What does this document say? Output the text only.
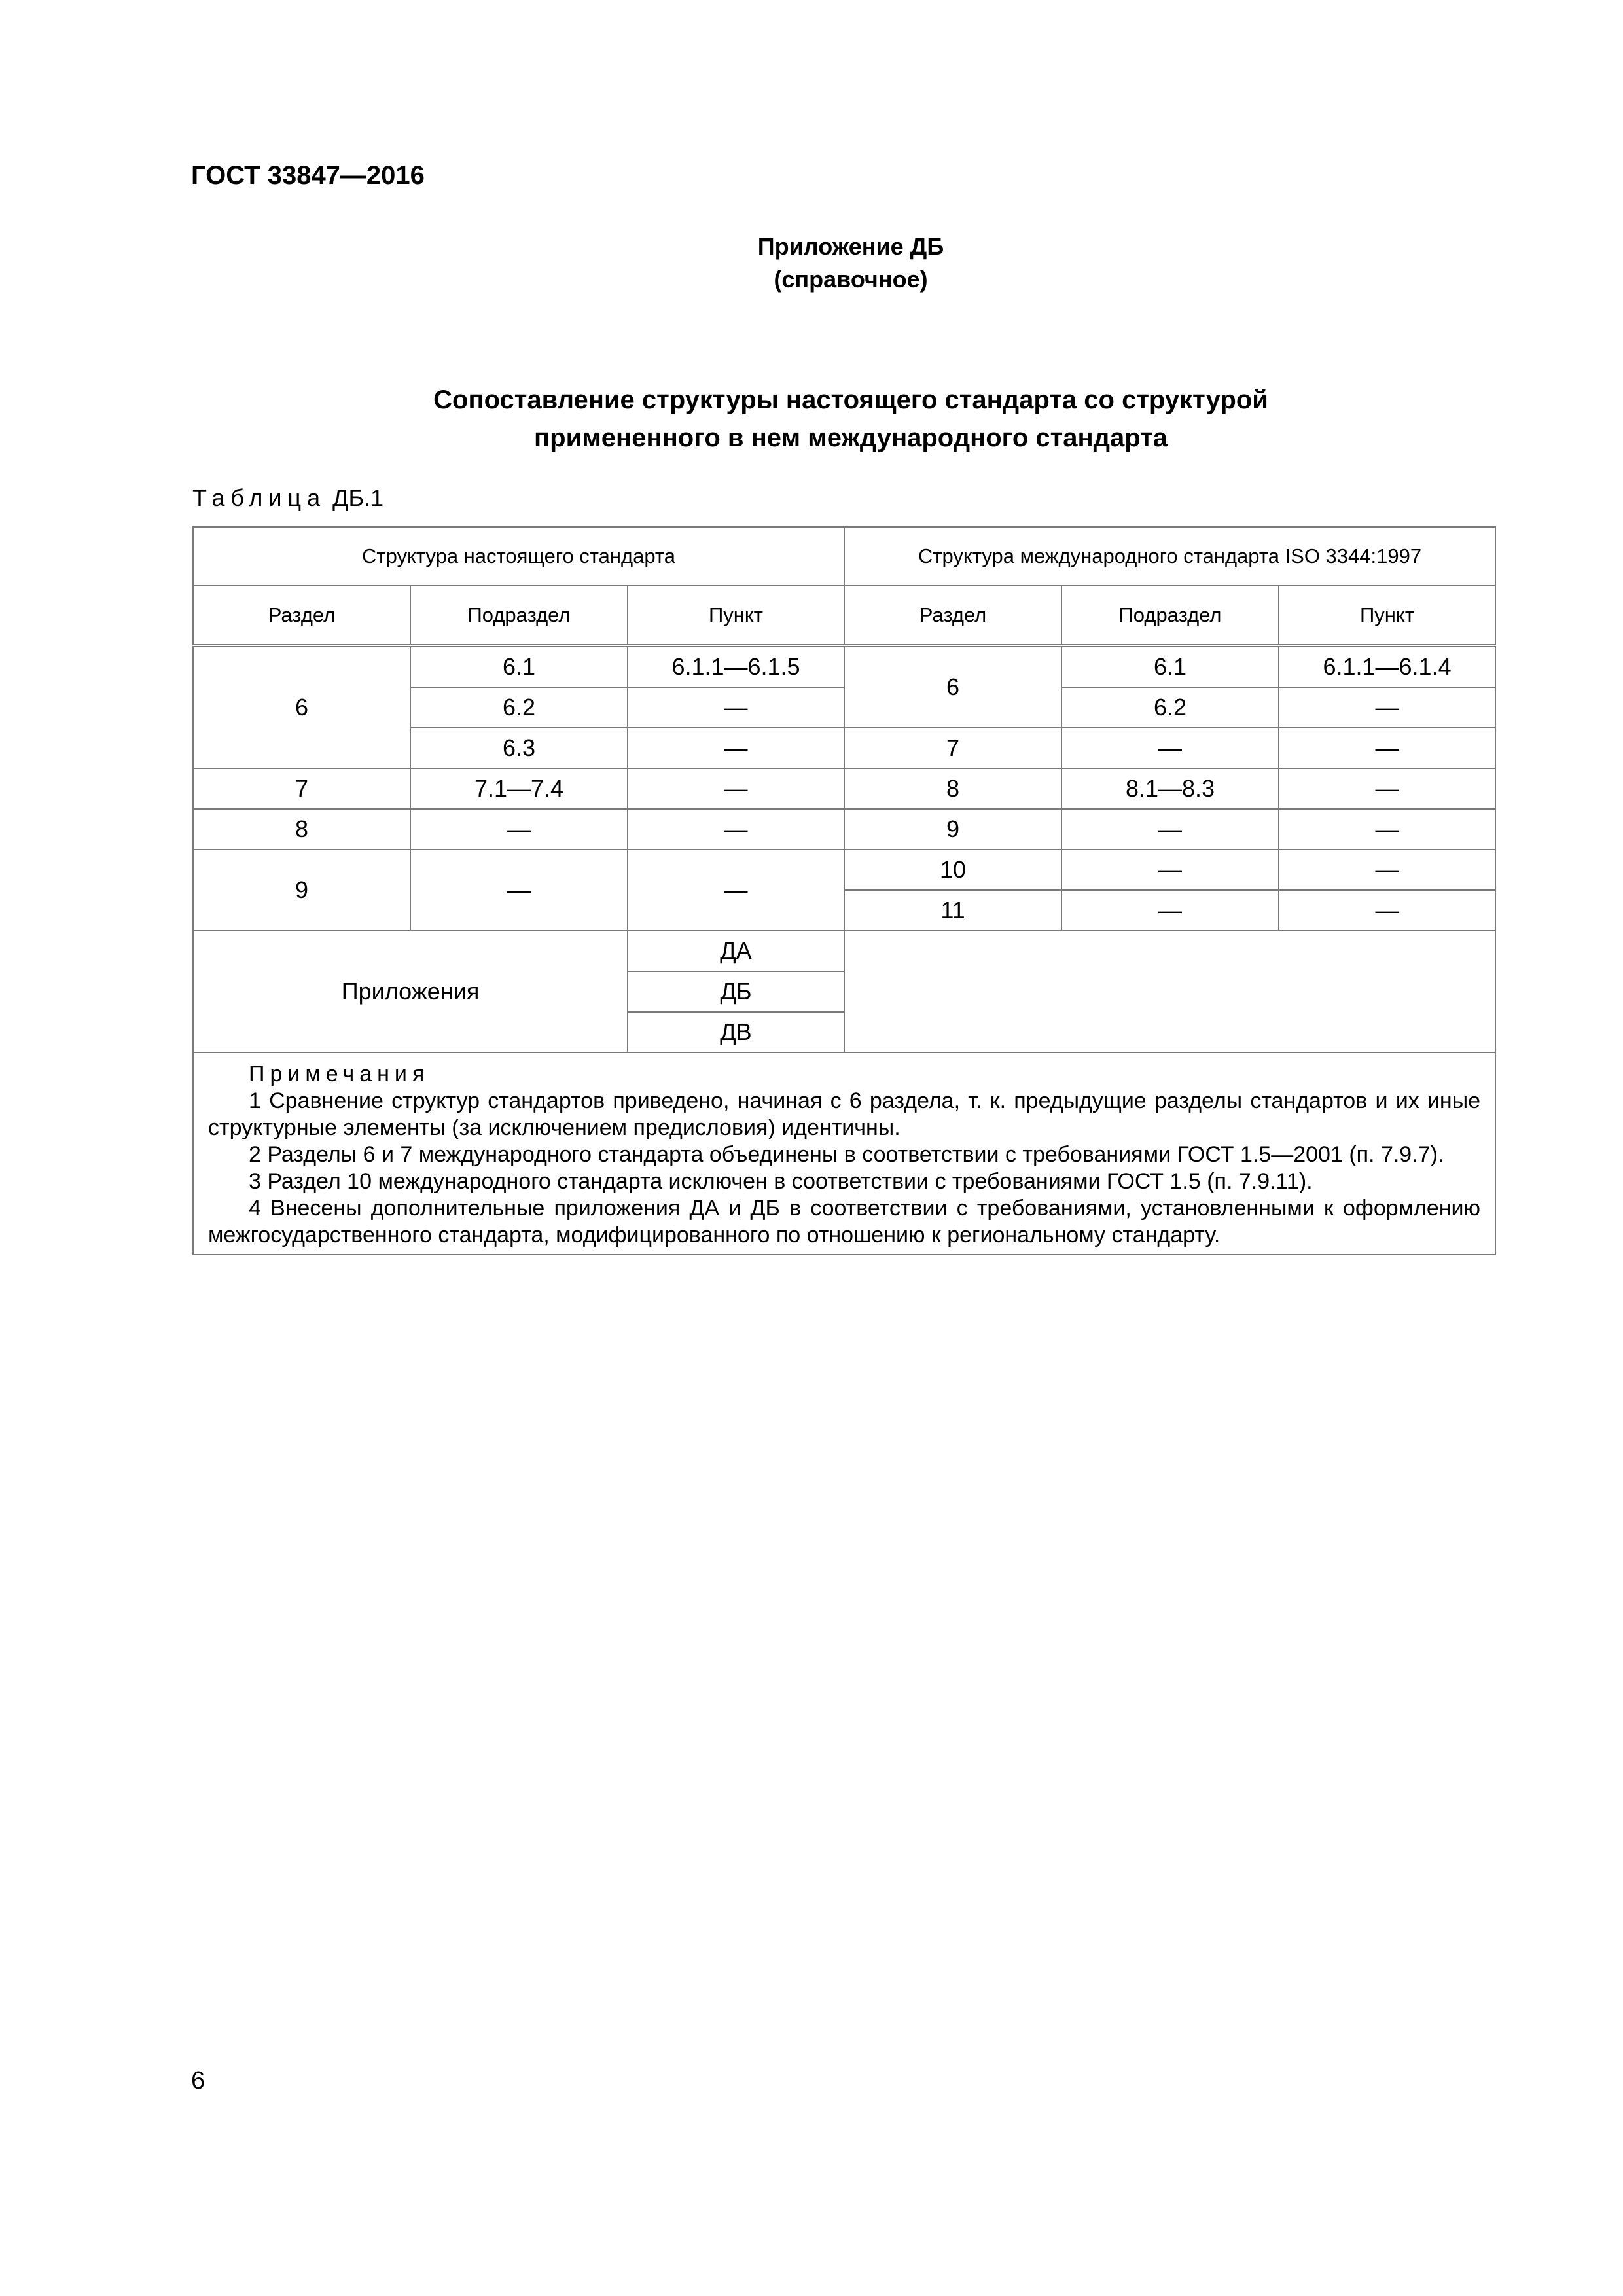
ГОСТ 33847—2016
Приложение ДБ
(справочное)
Сопоставление структуры настоящего стандарта со структурой
примененного в нем международного стандарта
Таблица ДБ.1
Структура настоящего стандарта			Структура международного стандарта ISO 3344:1997		
Раздел	Подраздел	Пункт	Раздел	Подраздел	Пункт
6	6.1	6.1.1—6.1.5	6	6.1	6.1.1—6.1.4
	6.2	—		6.2	—
	6.3	—	7	—	—
7	7.1—7.4	—	8	8.1—8.3	—
8	—	—	9	—	—
9	—	—	10	—	—
			11	—	—
Приложения		ДА			
		ДБ			
		ДВ			

Примечания

1 Сравнение структур стандартов приведено, начиная с 6 раздела, т. к. предыдущие разделы стандартов и их иные структурные элементы (за исключением предисловия) идентичны.

2 Разделы 6 и 7 международного стандарта объединены в соответствии с требованиями ГОСТ 1.5—2001 (п. 7.9.7).

3 Раздел 10 международного стандарта исключен в соответствии с требованиями ГОСТ 1.5 (п. 7.9.11).

4 Внесены дополнительные приложения ДА и ДБ в соответствии с требованиями, установленными к оформлению межгосударственного стандарта, модифицированного по отношению к региональному стандарту.					

6
